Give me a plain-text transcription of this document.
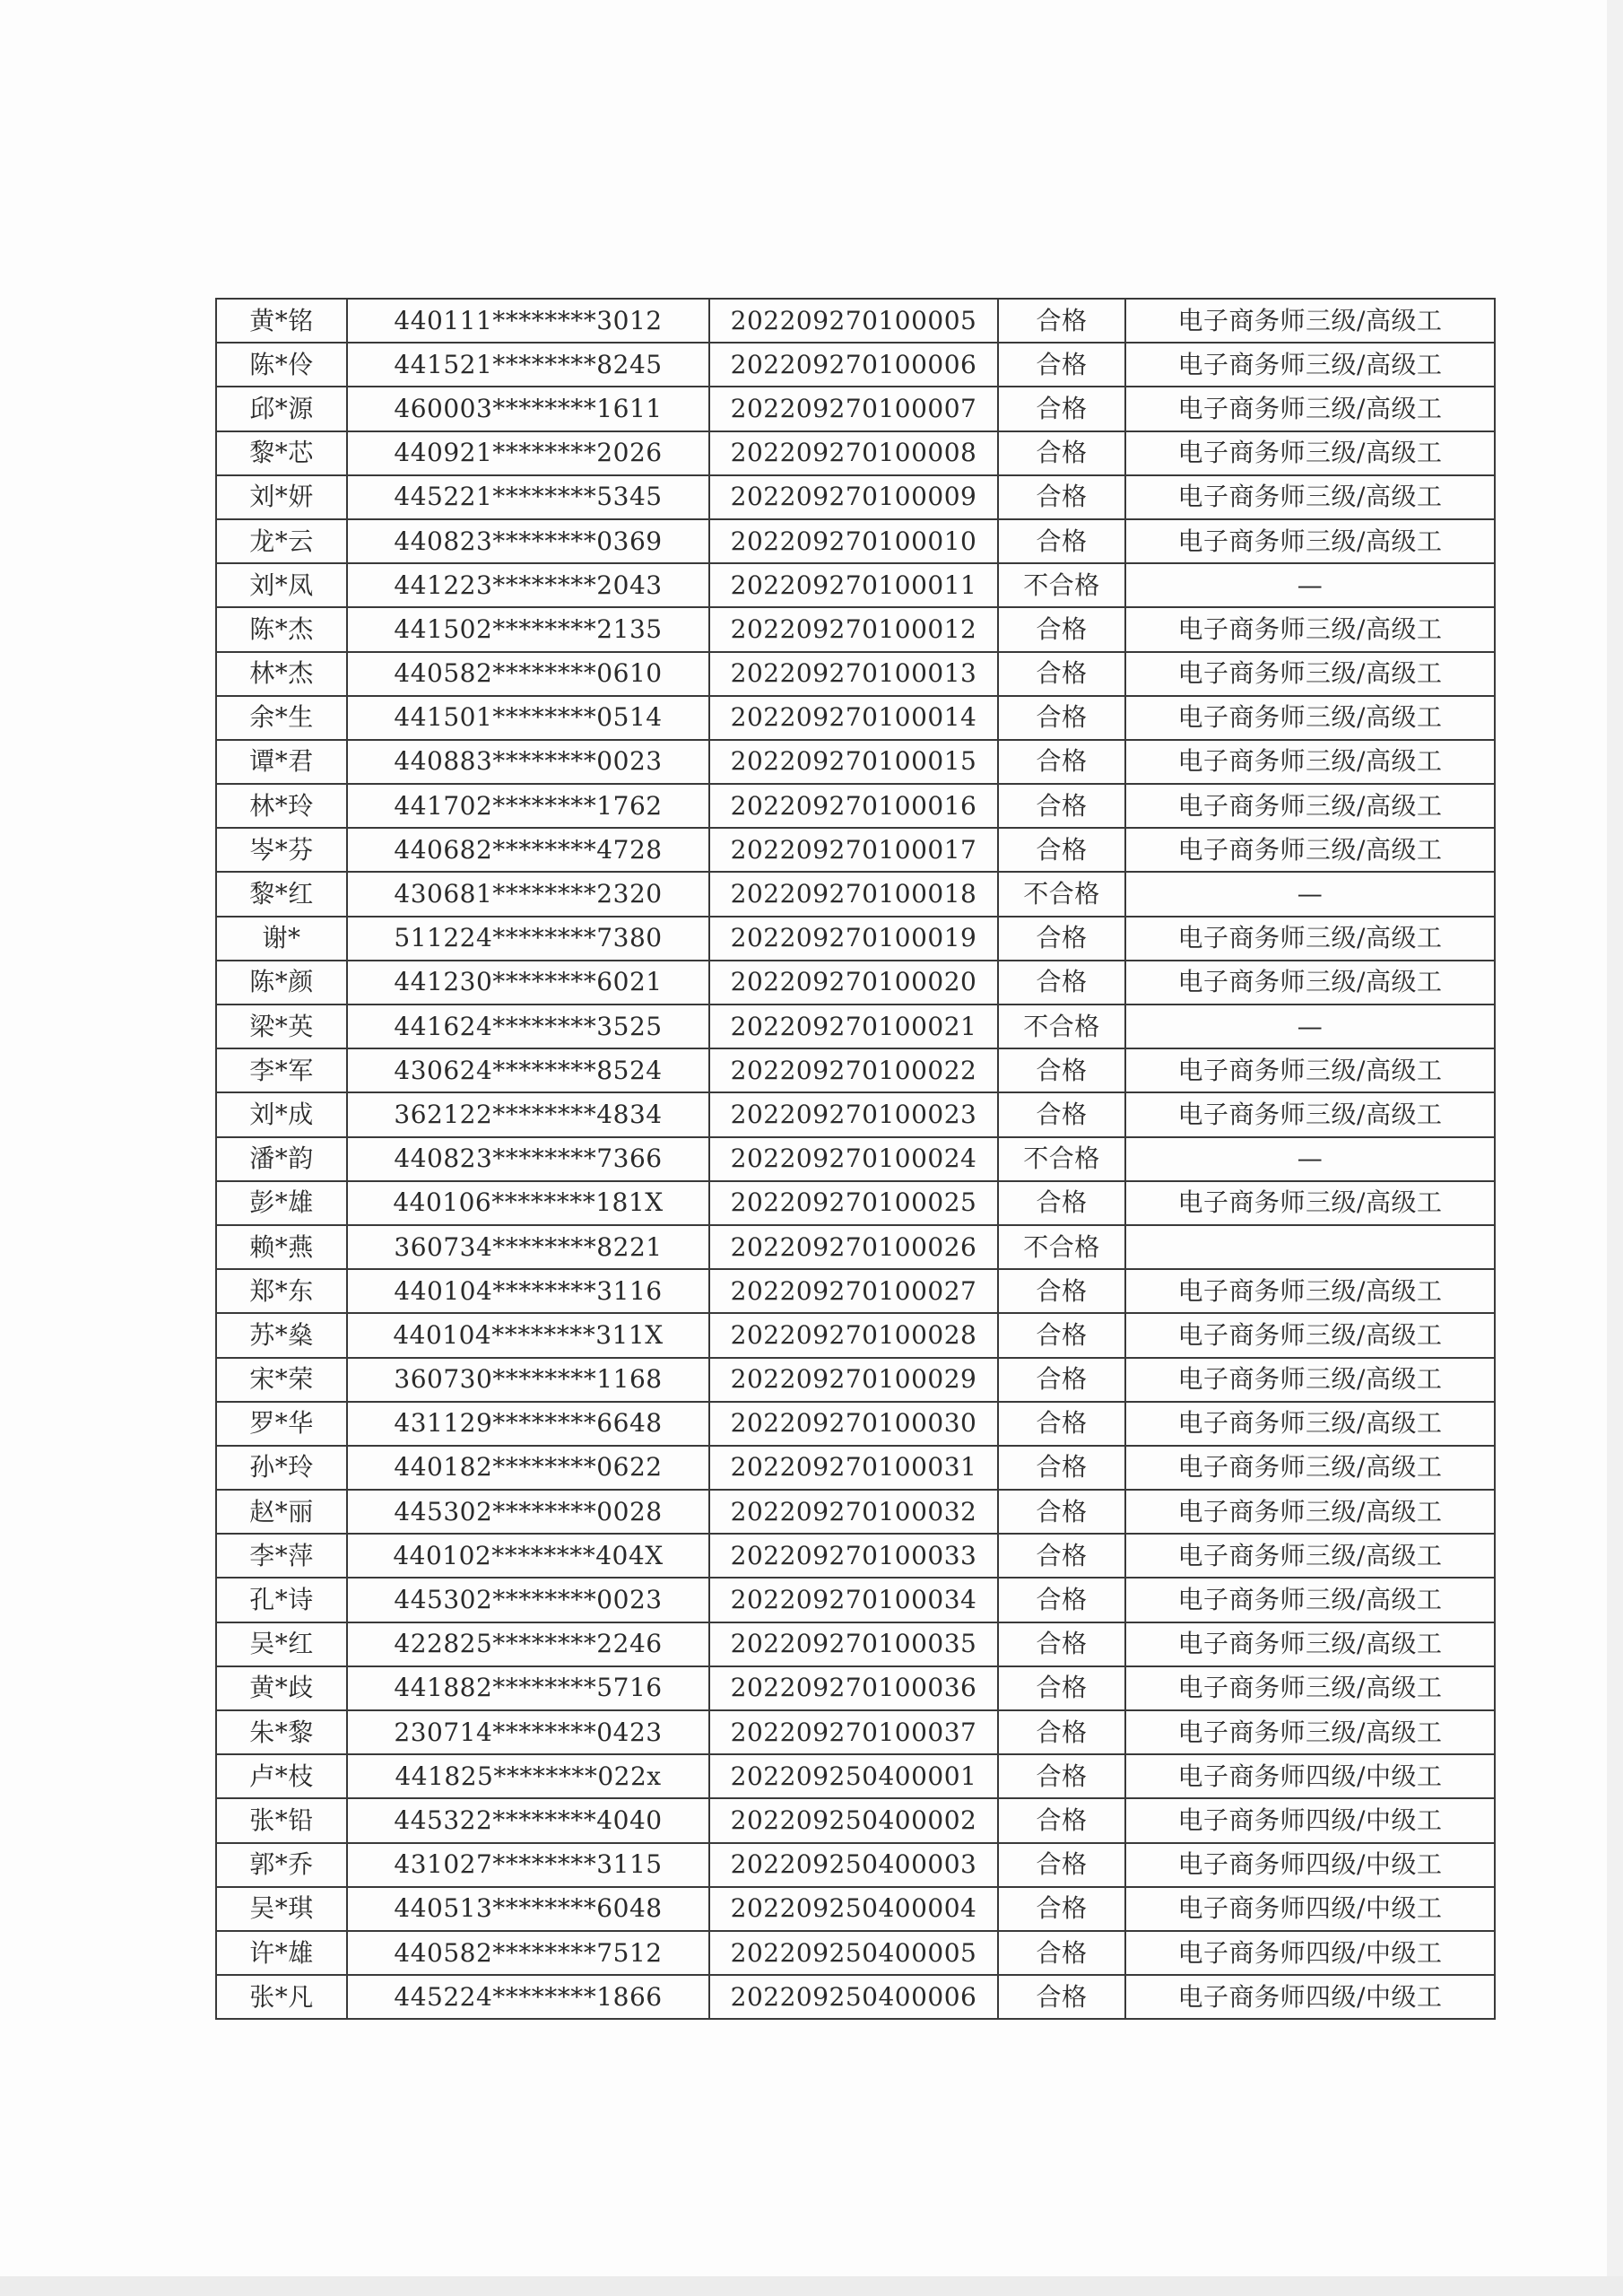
黄*铭	440111********3012	202209270100005	合格	电子商务师三级/高级工
陈*伶	441521********8245	202209270100006	合格	电子商务师三级/高级工
邱*源	460003********1611	202209270100007	合格	电子商务师三级/高级工
黎*芯	440921********2026	202209270100008	合格	电子商务师三级/高级工
刘*妍	445221********5345	202209270100009	合格	电子商务师三级/高级工
龙*云	440823********0369	202209270100010	合格	电子商务师三级/高级工
刘*凤	441223********2043	202209270100011	不合格	—
陈*杰	441502********2135	202209270100012	合格	电子商务师三级/高级工
林*杰	440582********0610	202209270100013	合格	电子商务师三级/高级工
余*生	441501********0514	202209270100014	合格	电子商务师三级/高级工
谭*君	440883********0023	202209270100015	合格	电子商务师三级/高级工
林*玲	441702********1762	202209270100016	合格	电子商务师三级/高级工
岑*芬	440682********4728	202209270100017	合格	电子商务师三级/高级工
黎*红	430681********2320	202209270100018	不合格	—
谢*	511224********7380	202209270100019	合格	电子商务师三级/高级工
陈*颜	441230********6021	202209270100020	合格	电子商务师三级/高级工
梁*英	441624********3525	202209270100021	不合格	—
李*军	430624********8524	202209270100022	合格	电子商务师三级/高级工
刘*成	362122********4834	202209270100023	合格	电子商务师三级/高级工
潘*韵	440823********7366	202209270100024	不合格	—
彭*雄	440106********181X	202209270100025	合格	电子商务师三级/高级工
赖*燕	360734********8221	202209270100026	不合格	
郑*东	440104********3116	202209270100027	合格	电子商务师三级/高级工
苏*燊	440104********311X	202209270100028	合格	电子商务师三级/高级工
宋*荣	360730********1168	202209270100029	合格	电子商务师三级/高级工
罗*华	431129********6648	202209270100030	合格	电子商务师三级/高级工
孙*玲	440182********0622	202209270100031	合格	电子商务师三级/高级工
赵*丽	445302********0028	202209270100032	合格	电子商务师三级/高级工
李*萍	440102********404X	202209270100033	合格	电子商务师三级/高级工
孔*诗	445302********0023	202209270100034	合格	电子商务师三级/高级工
吴*红	422825********2246	202209270100035	合格	电子商务师三级/高级工
黄*歧	441882********5716	202209270100036	合格	电子商务师三级/高级工
朱*黎	230714********0423	202209270100037	合格	电子商务师三级/高级工
卢*枝	441825********022x	202209250400001	合格	电子商务师四级/中级工
张*铅	445322********4040	202209250400002	合格	电子商务师四级/中级工
郭*乔	431027********3115	202209250400003	合格	电子商务师四级/中级工
吴*琪	440513********6048	202209250400004	合格	电子商务师四级/中级工
许*雄	440582********7512	202209250400005	合格	电子商务师四级/中级工
张*凡	445224********1866	202209250400006	合格	电子商务师四级/中级工
